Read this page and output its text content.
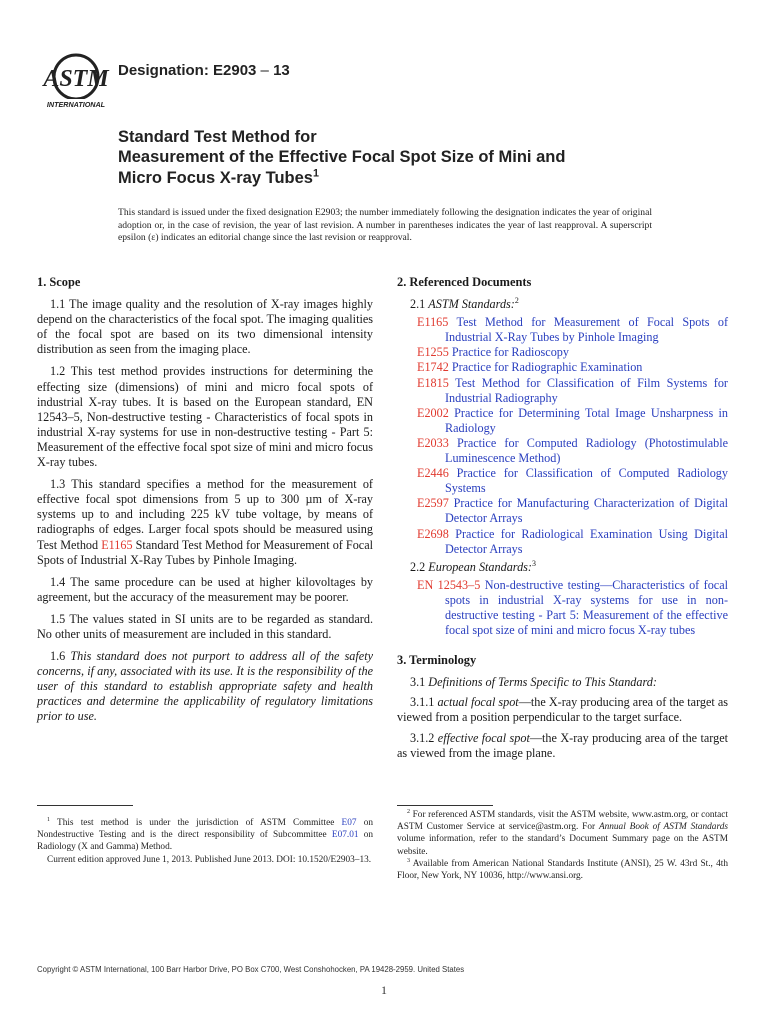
ASTM
INTERNATIONAL
Designation: E2903 – 13
Standard Test Method for
Measurement of the Effective Focal Spot Size of Mini and
Micro Focus X-ray Tubes$^1$
This standard is issued under the fixed designation E2903; the number immediately following the designation indicates the year of original adoption or, in the case of revision, the year of last revision. A number in parentheses indicates the year of last reapproval. A superscript epsilon (ε) indicates an editorial change since the last revision or reapproval.
1. Scope

1.1 The image quality and the resolution of X-ray images highly depend on the characteristics of the focal spot. The imaging qualities of the focal spot are based on its two dimensional intensity distribution as seen from the imaging place.

1.2 This test method provides instructions for determining the effecting size (dimensions) of mini and micro focal spots of industrial X-ray tubes. It is based on the European standard, EN 12543–5, Non-destructive testing - Characteristics of focal spots in industrial X-ray systems for use in non-destructive testing - Part 5: Measurement of the effective focal spot size of mini and micro focus X-ray tubes.

1.3 This standard specifies a method for the measurement of effective focal spot dimensions from 5 up to 300 µm of X-ray systems up to and including 225 kV tube voltage, by means of radiographs of edges. Larger focal spots should be measured using Test Method E1165 Standard Test Method for Measurement of Focal Spots of Industrial X-Ray Tubes by Pinhole Imaging.

1.4 The same procedure can be used at higher kilovoltages by agreement, but the accuracy of the measurement may be poorer.

1.5 The values stated in SI units are to be regarded as standard. No other units of measurement are included in this standard.

1.6 This standard does not purport to address all of the safety concerns, if any, associated with its use. It is the responsibility of the user of this standard to establish appropriate safety and health practices and determine the applicability of regulatory limitations prior to use.

2. Referenced Documents

2.1 ASTM Standards:$^2$

E1165 Test Method for Measurement of Focal Spots of Industrial X-Ray Tubes by Pinhole Imaging
E1255 Practice for Radioscopy
E1742 Practice for Radiographic Examination
E1815 Test Method for Classification of Film Systems for Industrial Radiography
E2002 Practice for Determining Total Image Unsharpness in Radiology
E2033 Practice for Computed Radiology (Photostimulable Luminescence Method)
E2446 Practice for Classification of Computed Radiology Systems
E2597 Practice for Manufacturing Characterization of Digital Detector Arrays
E2698 Practice for Radiological Examination Using Digital Detector Arrays

2.2 European Standards:$^3$

EN 12543–5 Non-destructive testing—Characteristics of focal spots in industrial X-ray systems for use in non-destructive testing - Part 5: Measurement of the effective focal spot size of mini and micro focus X-ray tubes
3. Terminology

3.1 Definitions of Terms Specific to This Standard:

3.1.1 actual focal spot—the X-ray producing area of the target as viewed from a position perpendicular to the target surface.

3.1.2 effective focal spot—the X-ray producing area of the target as viewed from the image plane.

$^1$ This test method is under the jurisdiction of ASTM Committee E07 on Nondestructive Testing and is the direct responsibility of Subcommittee E07.01 on Radiology (X and Gamma) Method.

Current edition approved June 1, 2013. Published June 2013. DOI: 10.1520/E2903–13.

$^2$ For referenced ASTM standards, visit the ASTM website, www.astm.org, or contact ASTM Customer Service at service@astm.org. For Annual Book of ASTM Standards volume information, refer to the standard’s Document Summary page on the ASTM website.

$^3$ Available from American National Standards Institute (ANSI), 25 W. 43rd St., 4th Floor, New York, NY 10036, http://www.ansi.org.

Copyright © ASTM International, 100 Barr Harbor Drive, PO Box C700, West Conshohocken, PA 19428-2959. United States
1
